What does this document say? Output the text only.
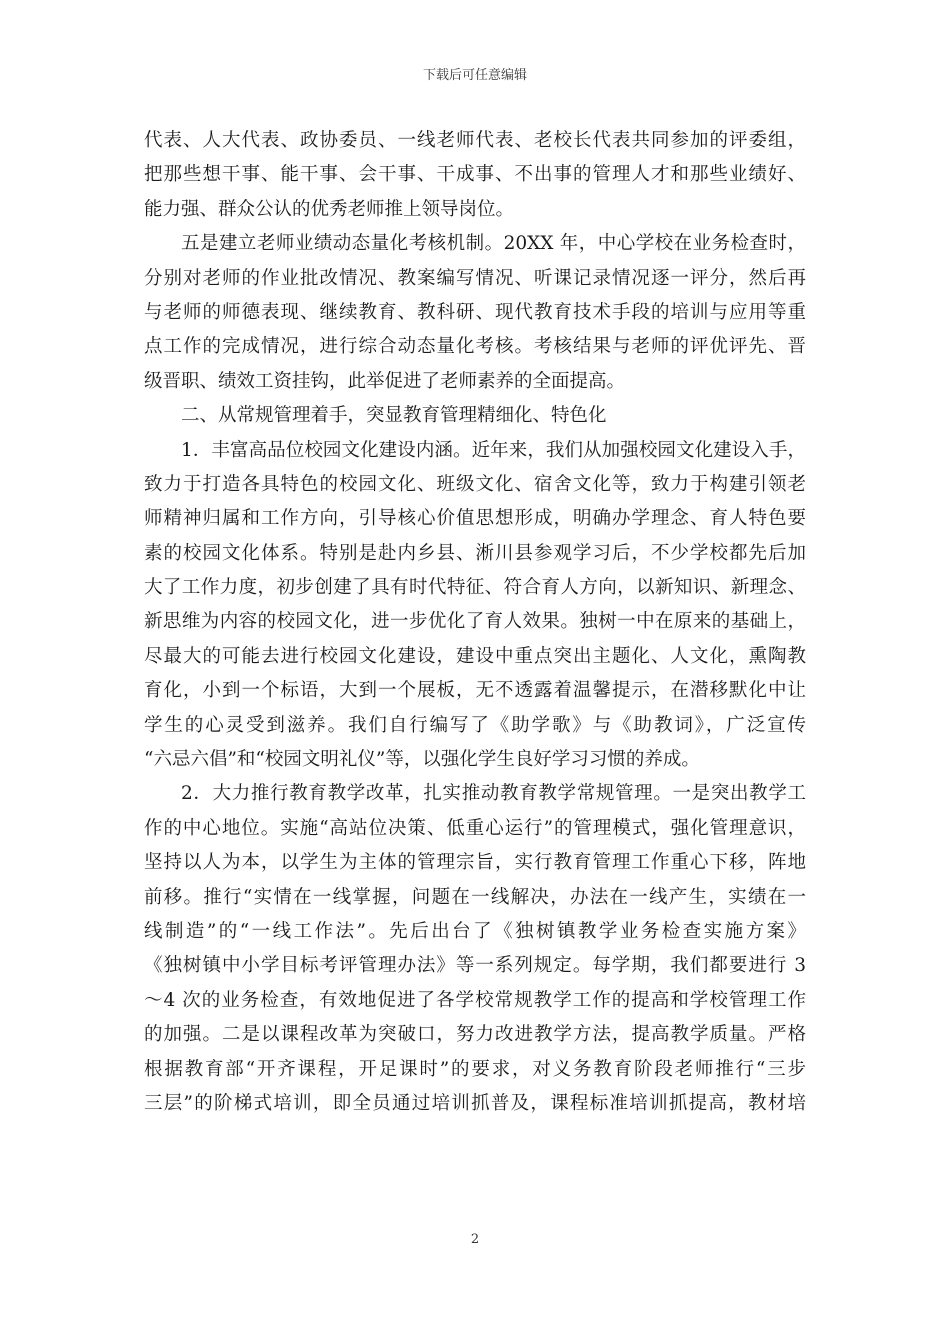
下载后可任意编辑
代表、人大代表、政协委员、一线老师代表、老校长代表共同参加的评委组，
把那些想干事、能干事、会干事、干成事、不出事的管理人才和那些业绩好、
能力强、群众公认的优秀老师推上领导岗位。
五是建立老师业绩动态量化考核机制。20XX 年，中心学校在业务检查时，
分别对老师的作业批改情况、教案编写情况、听课记录情况逐一评分，然后再
与老师的师德表现、继续教育、教科研、现代教育技术手段的培训与应用等重
点工作的完成情况，进行综合动态量化考核。考核结果与老师的评优评先、晋
级晋职、绩效工资挂钩，此举促进了老师素养的全面提高。
二、从常规管理着手，突显教育管理精细化、特色化
1．丰富高品位校园文化建设内涵。近年来，我们从加强校园文化建设入手，
致力于打造各具特色的校园文化、班级文化、宿舍文化等，致力于构建引领老
师精神归属和工作方向，引导核心价值思想形成，明确办学理念、育人特色要
素的校园文化体系。特别是赴内乡县、淅川县参观学习后，不少学校都先后加
大了工作力度，初步创建了具有时代特征、符合育人方向，以新知识、新理念、
新思维为内容的校园文化，进一步优化了育人效果。独树一中在原来的基础上，
尽最大的可能去进行校园文化建设，建设中重点突出主题化、人文化，熏陶教
育化，小到一个标语，大到一个展板，无不透露着温馨提示，在潜移默化中让
学生的心灵受到滋养。我们自行编写了《助学歌》与《助教词》，广泛宣传
“六忌六倡”和“校园文明礼仪”等，以强化学生良好学习习惯的养成。
2．大力推行教育教学改革，扎实推动教育教学常规管理。一是突出教学工
作的中心地位。实施“高站位决策、低重心运行”的管理模式，强化管理意识，
坚持以人为本，以学生为主体的管理宗旨，实行教育管理工作重心下移，阵地
前移。推行“实情在一线掌握，问题在一线解决，办法在一线产生，实绩在一
线制造”的“一线工作法”。先后出台了《独树镇教学业务检查实施方案》
《独树镇中小学目标考评管理办法》等一系列规定。每学期，我们都要进行 3
～4 次的业务检查，有效地促进了各学校常规教学工作的提高和学校管理工作
的加强。二是以课程改革为突破口，努力改进教学方法，提高教学质量。严格
根据教育部“开齐课程，开足课时”的要求，对义务教育阶段老师推行“三步
三层”的阶梯式培训，即全员通过培训抓普及，课程标准培训抓提高，教材培
2
